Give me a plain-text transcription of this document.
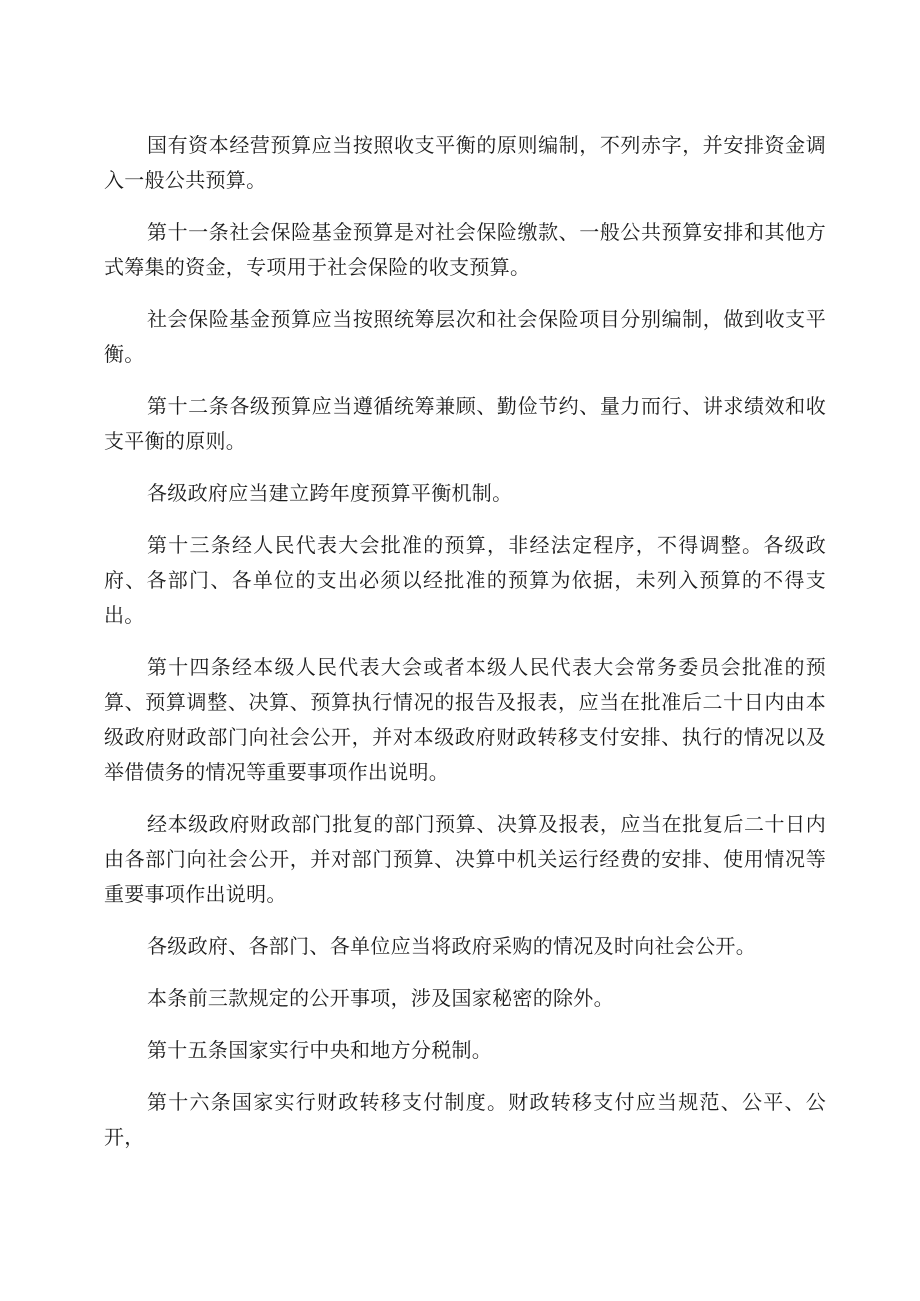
国有资本经营预算应当按照收支平衡的原则编制，不列赤字，并安排资金调入一般公共预算。

第十一条社会保险基金预算是对社会保险缴款、一般公共预算安排和其他方式筹集的资金，专项用于社会保险的收支预算。

社会保险基金预算应当按照统筹层次和社会保险项目分别编制，做到收支平衡。

第十二条各级预算应当遵循统筹兼顾、勤俭节约、量力而行、讲求绩效和收支平衡的原则。

各级政府应当建立跨年度预算平衡机制。

第十三条经人民代表大会批准的预算，非经法定程序，不得调整。各级政府、各部门、各单位的支出必须以经批准的预算为依据，未列入预算的不得支出。

第十四条经本级人民代表大会或者本级人民代表大会常务委员会批准的预算、预算调整、决算、预算执行情况的报告及报表，应当在批准后二十日内由本级政府财政部门向社会公开，并对本级政府财政转移支付安排、执行的情况以及举借债务的情况等重要事项作出说明。

经本级政府财政部门批复的部门预算、决算及报表，应当在批复后二十日内由各部门向社会公开，并对部门预算、决算中机关运行经费的安排、使用情况等重要事项作出说明。

各级政府、各部门、各单位应当将政府采购的情况及时向社会公开。

本条前三款规定的公开事项，涉及国家秘密的除外。

第十五条国家实行中央和地方分税制。

第十六条国家实行财政转移支付制度。财政转移支付应当规范、公平、公开，
